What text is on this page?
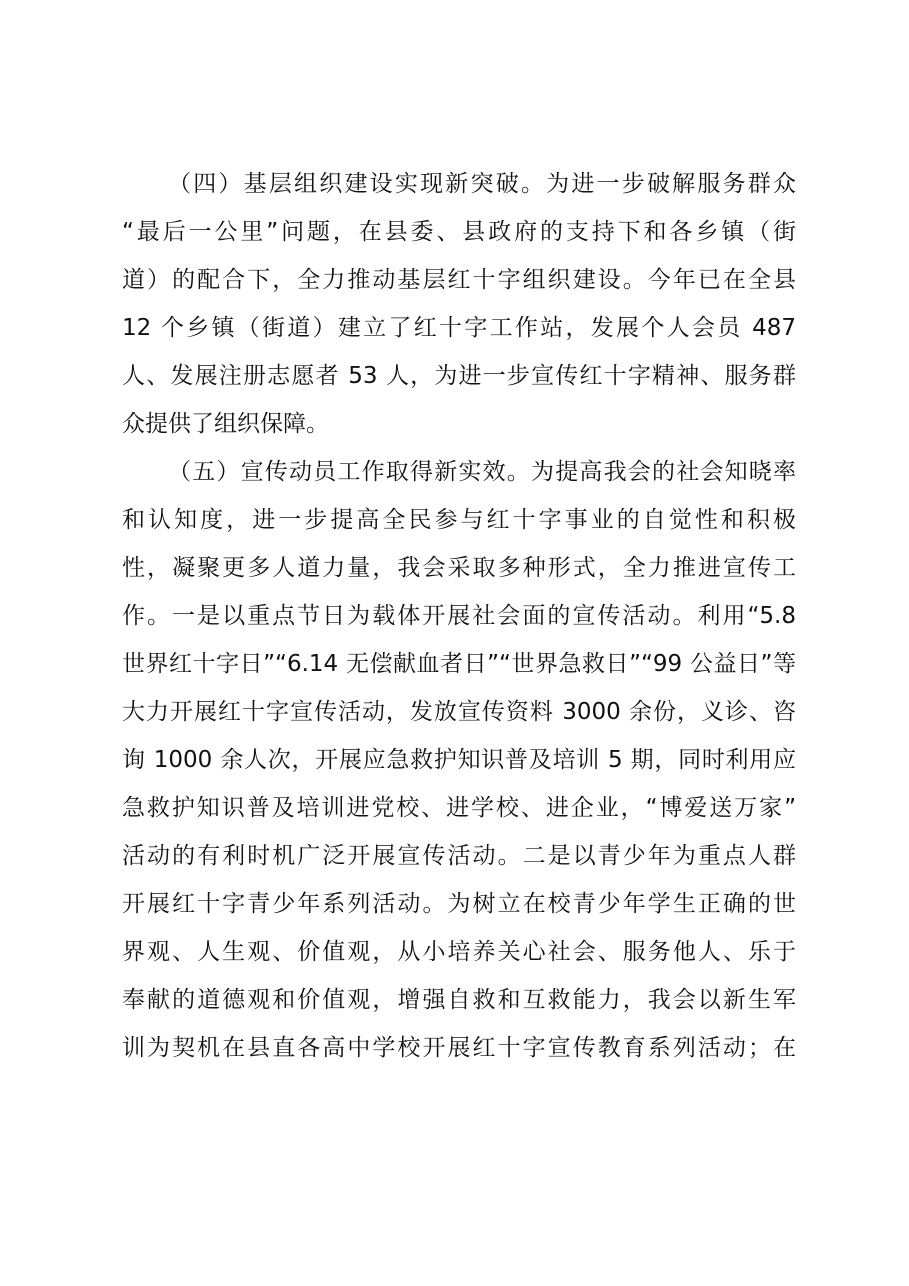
（四）基层组织建设实现新突破。为进一步破解服务群众
“最后一公里”问题，在县委、县政府的支持下和各乡镇（街
道）的配合下，全力推动基层红十字组织建设。今年已在全县
12 个乡镇（街道）建立了红十字工作站，发展个人会员 487
人、发展注册志愿者 53 人，为进一步宣传红十字精神、服务群
众提供了组织保障。
（五）宣传动员工作取得新实效。为提高我会的社会知晓率
和认知度，进一步提高全民参与红十字事业的自觉性和积极
性，凝聚更多人道力量，我会采取多种形式，全力推进宣传工
作。一是以重点节日为载体开展社会面的宣传活动。利用“5.8
世界红十字日”“6.14 无偿献血者日”“世界急救日”“99 公益日”等
大力开展红十字宣传活动，发放宣传资料 3000 余份，义诊、咨
询 1000 余人次，开展应急救护知识普及培训 5 期，同时利用应
急救护知识普及培训进党校、进学校、进企业，“博爱送万家”
活动的有利时机广泛开展宣传活动。二是以青少年为重点人群
开展红十字青少年系列活动。为树立在校青少年学生正确的世
界观、人生观、价值观，从小培养关心社会、服务他人、乐于
奉献的道德观和价值观，增强自救和互救能力，我会以新生军
训为契机在县直各高中学校开展红十字宣传教育系列活动；在
